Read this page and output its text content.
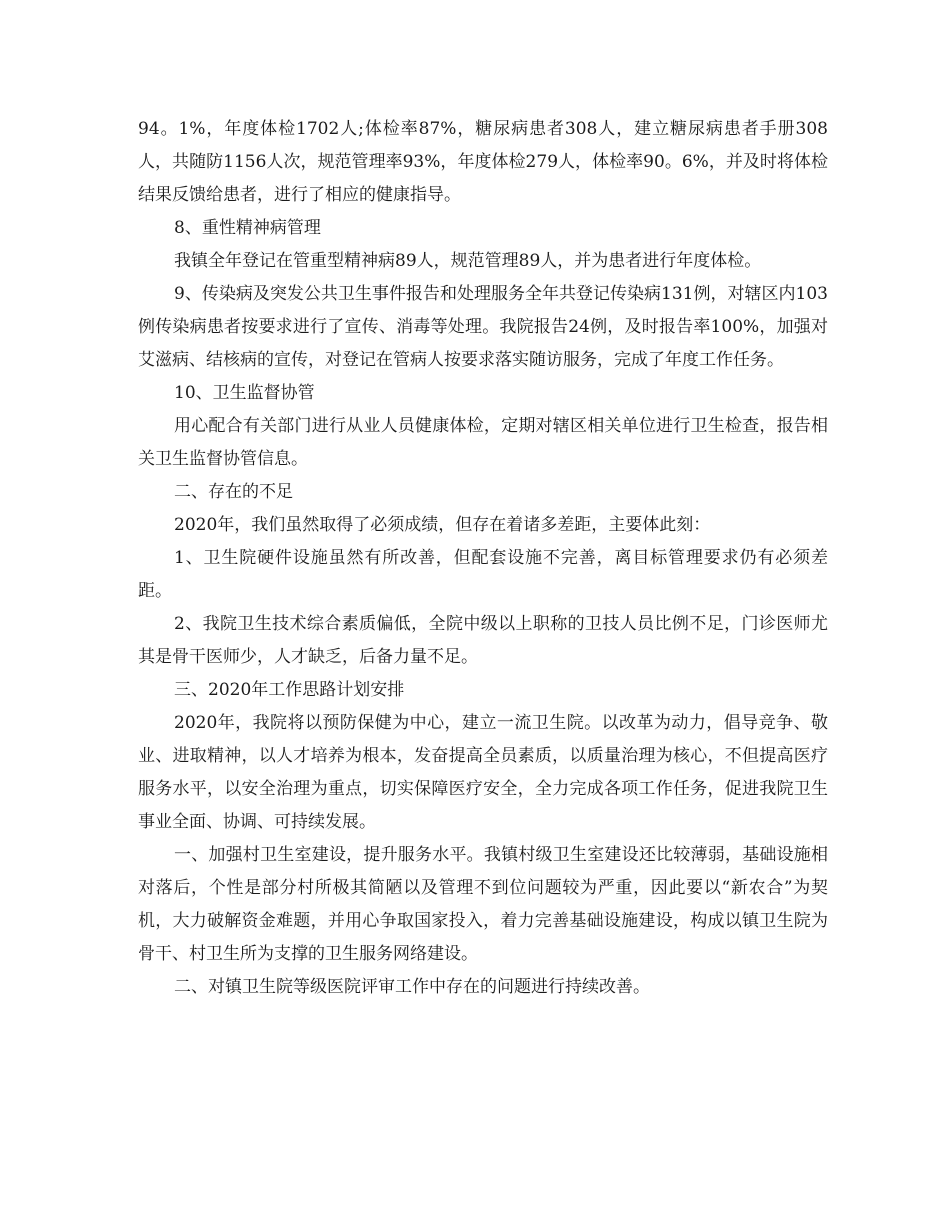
94。1%，年度体检1702人;体检率87%，糖尿病患者308人，建立糖尿病患者手册308人，共随防1156人次，规范管理率93%，年度体检279人，体检率90。6%，并及时将体检结果反馈给患者，进行了相应的健康指导。

8、重性精神病管理

我镇全年登记在管重型精神病89人，规范管理89人，并为患者进行年度体检。

9、传染病及突发公共卫生事件报告和处理服务全年共登记传染病131例，对辖区内103例传染病患者按要求进行了宣传、消毒等处理。我院报告24例，及时报告率100%，加强对艾滋病、结核病的宣传，对登记在管病人按要求落实随访服务，完成了年度工作任务。

10、卫生监督协管

用心配合有关部门进行从业人员健康体检，定期对辖区相关单位进行卫生检查，报告相关卫生监督协管信息。

二、存在的不足

2020年，我们虽然取得了必须成绩，但存在着诸多差距，主要体此刻：

1、卫生院硬件设施虽然有所改善，但配套设施不完善，离目标管理要求仍有必须差距。

2、我院卫生技术综合素质偏低，全院中级以上职称的卫技人员比例不足，门诊医师尤其是骨干医师少，人才缺乏，后备力量不足。

三、2020年工作思路计划安排

2020年，我院将以预防保健为中心，建立一流卫生院。以改革为动力，倡导竞争、敬业、进取精神，以人才培养为根本，发奋提高全员素质，以质量治理为核心，不但提高医疗服务水平，以安全治理为重点，切实保障医疗安全，全力完成各项工作任务，促进我院卫生事业全面、协调、可持续发展。

一、加强村卫生室建设，提升服务水平。我镇村级卫生室建设还比较薄弱，基础设施相对落后，个性是部分村所极其简陋以及管理不到位问题较为严重，因此要以“新农合”为契机，大力破解资金难题，并用心争取国家投入，着力完善基础设施建设，构成以镇卫生院为骨干、村卫生所为支撑的卫生服务网络建设。

二、对镇卫生院等级医院评审工作中存在的问题进行持续改善。
